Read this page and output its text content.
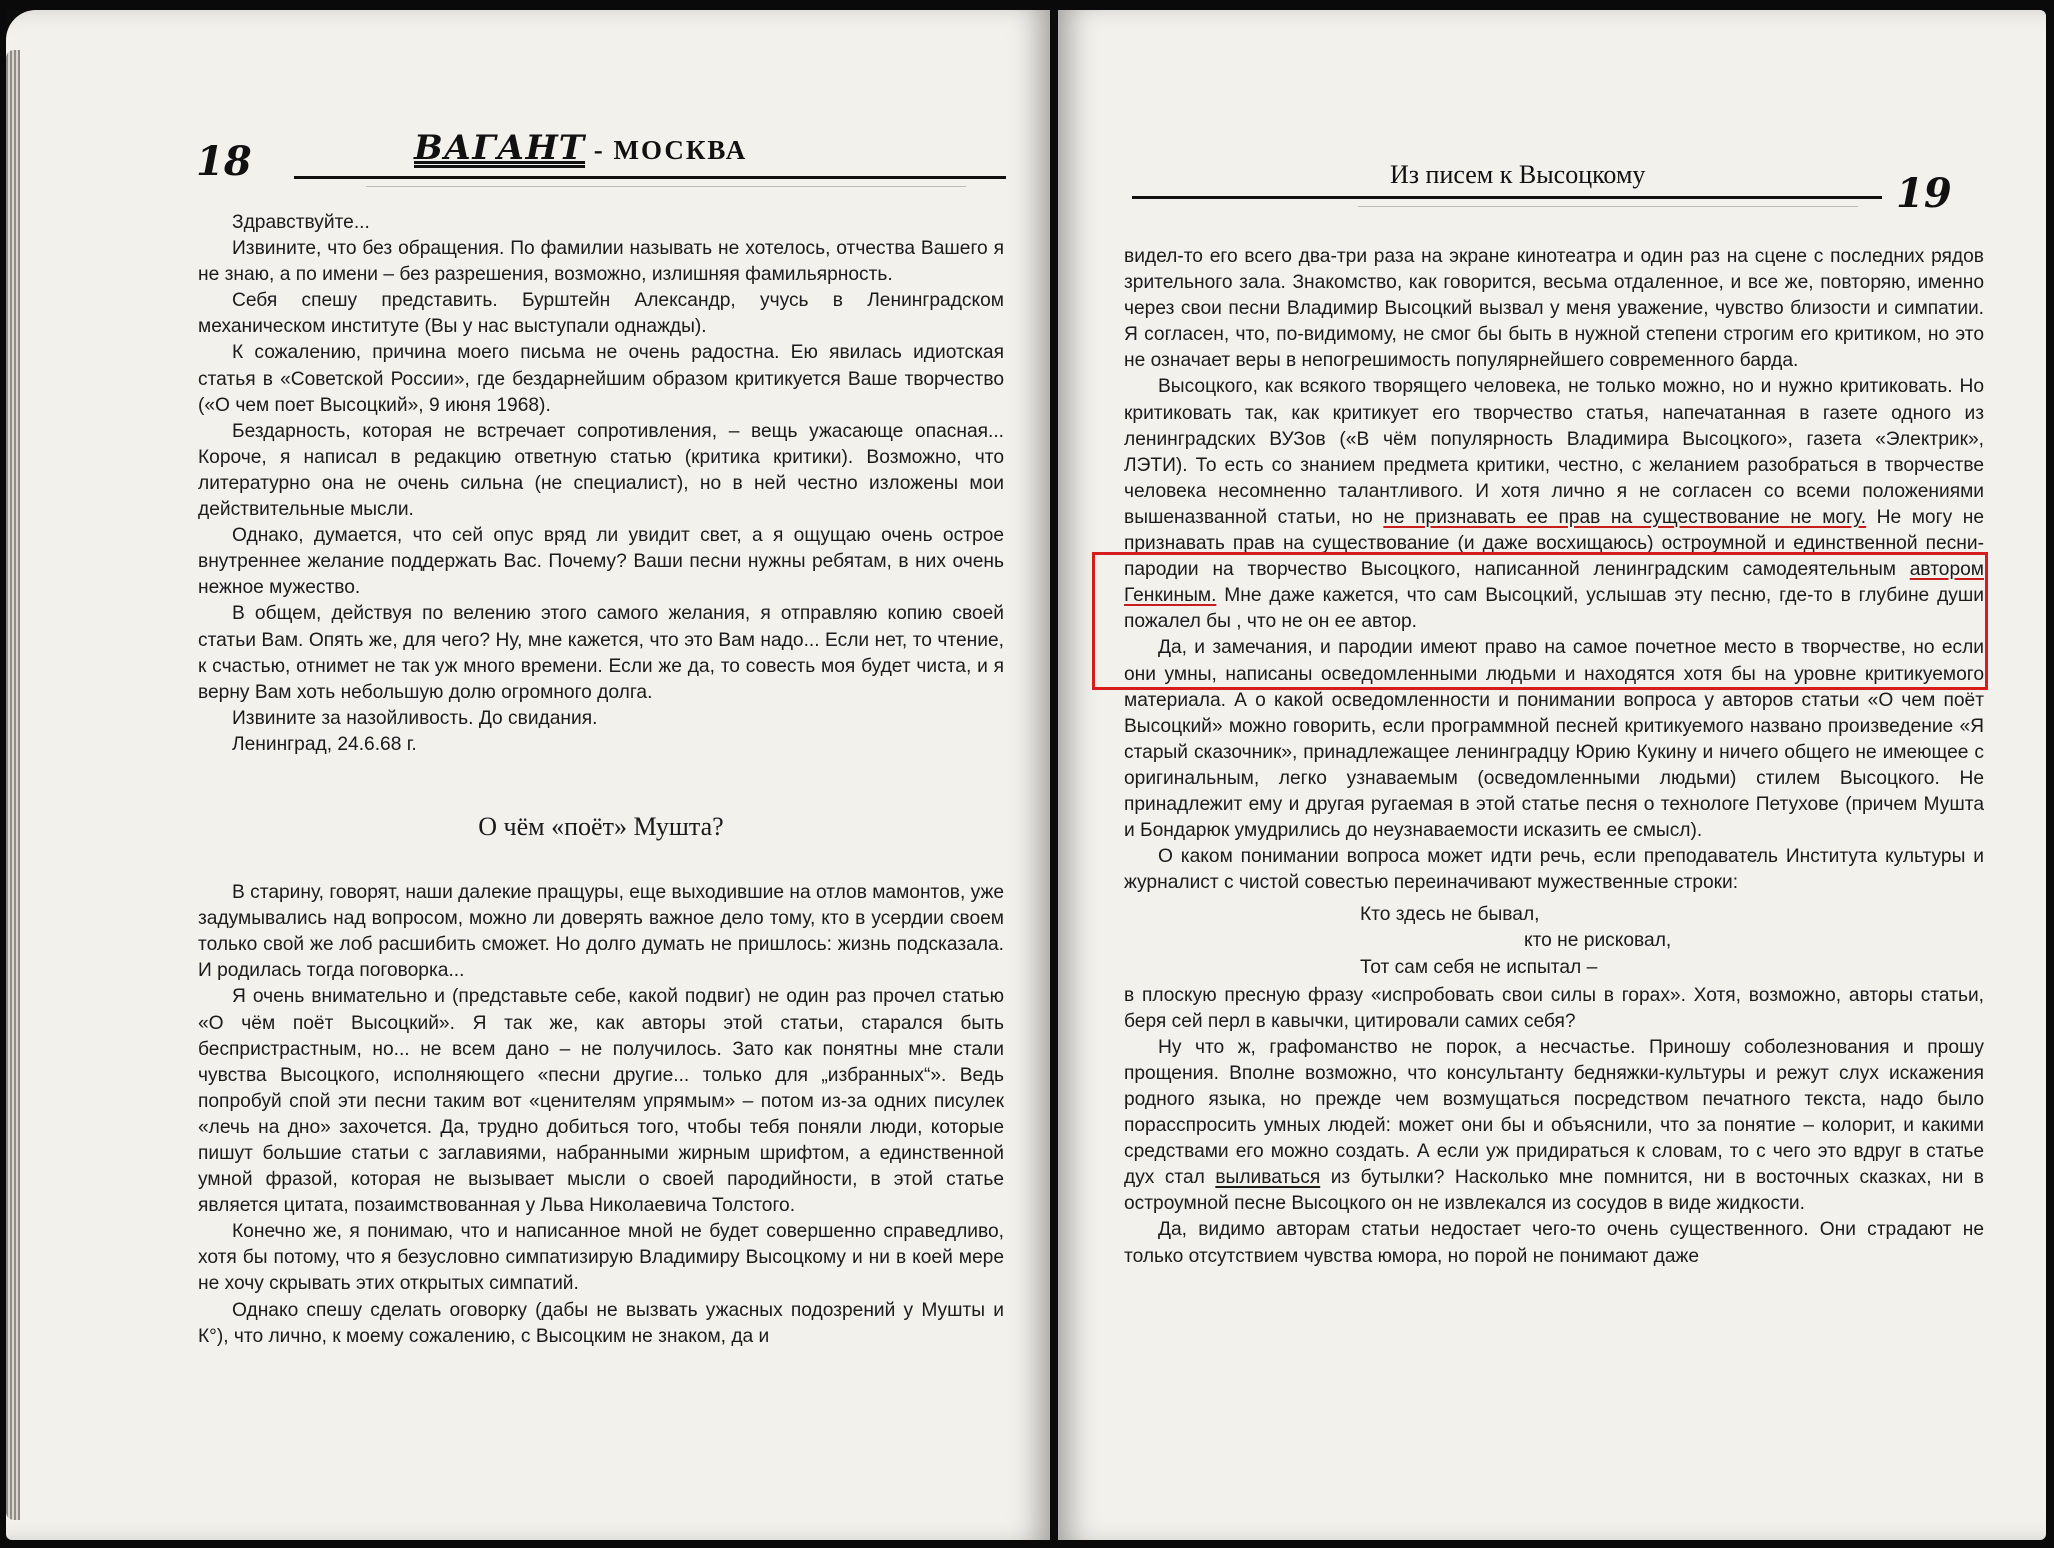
18	ВАГАНТ - МОСКВА

Здравствуйте...

Извините, что без обращения. По фамилии называть не хотелось, отчества Вашего я не знаю, а по имени – без разрешения, возможно, излишняя фамильярность.

Себя спешу представить. Бурштейн Александр, учусь в Ленинградском механическом институте (Вы у нас выступали однажды).

К сожалению, причина моего письма не очень радостна. Ею явилась идиотская статья в «Советской России», где бездарнейшим образом критикуется Ваше творчество («О чем поет Высоцкий», 9 июня 1968).

Бездарность, которая не встречает сопротивления, – вещь ужасающе опасная... Короче, я написал в редакцию ответную статью (критика критики). Возможно, что литературно она не очень сильна (не специалист), но в ней честно изложены мои действительные мысли.

Однако, думается, что сей опус вряд ли увидит свет, а я ощущаю очень острое внутреннее желание поддержать Вас. Почему? Ваши песни нужны ребятам, в них очень нежное мужество.

В общем, действуя по велению этого самого желания, я отправляю копию своей статьи Вам. Опять же, для чего? Ну, мне кажется, что это Вам надо... Если нет, то чтение, к счастью, отнимет не так уж много времени. Если же да, то совесть моя будет чиста, и я верну Вам хоть небольшую долю огромного долга.

Извините за назойливость. До свидания.

Ленинград, 24.6.68 г.

О чём «поёт» Мушта?

В старину, говорят, наши далекие пращуры, еще выходившие на отлов мамонтов, уже задумывались над вопросом, можно ли доверять важное дело тому, кто в усердии своем только свой же лоб расшибить сможет. Но долго думать не пришлось: жизнь подсказала. И родилась тогда поговорка...

Я очень внимательно и (представьте себе, какой подвиг) не один раз прочел статью «О чём поёт Высоцкий». Я так же, как авторы этой статьи, старался быть беспристрастным, но... не всем дано – не получилось. Зато как понятны мне стали чувства Высоцкого, исполняющего «песни другие... только для „избранных“». Ведь попробуй спой эти песни таким вот «ценителям упрямым» – потом из-за одних писулек «лечь на дно» захочется. Да, трудно добиться того, чтобы тебя поняли люди, которые пишут большие статьи с заглавиями, набранными жирным шрифтом, а единственной умной фразой, которая не вызывает мысли о своей пародийности, в этой статье является цитата, позаимствованная у Льва Николаевича Толстого.

Конечно же, я понимаю, что и написанное мной не будет совершенно справедливо, хотя бы потому, что я безусловно симпатизирую Владимиру Высоцкому и ни в коей мере не хочу скрывать этих открытых симпатий.

Однако спешу сделать оговорку (дабы не вызвать ужасных подозрений у Мушты и К°), что лично, к моему сожалению, с Высоцким не знаком, да и

Из писем к Высоцкому	19

видел-то его всего два-три раза на экране кинотеатра и один раз на сцене с последних рядов зрительного зала. Знакомство, как говорится, весьма отдаленное, и все же, повторяю, именно через свои песни Владимир Высоцкий вызвал у меня уважение, чувство близости и симпатии. Я согласен, что, по-видимому, не смог бы быть в нужной степени строгим его критиком, но это не означает веры в непогрешимость популярнейшего современного барда.

Высоцкого, как всякого творящего человека, не только можно, но и нужно критиковать. Но критиковать так, как критикует его творчество статья, напечатанная в газете одного из ленинградских ВУЗов («В чём популярность Владимира Высоцкого», газета «Электрик», ЛЭТИ). То есть со знанием предмета критики, честно, с желанием разобраться в творчестве человека несомненно талантливого. И хотя лично я не согласен со всеми положениями вышеназванной статьи, но не признавать ее прав на существование не могу. Не могу не признавать прав на существование (и даже восхищаюсь) остроумной и единственной песни-пародии на творчество Высоцкого, написанной ленинградским самодеятельным автором Генкиным. Мне даже кажется, что сам Высоцкий, услышав эту песню, где-то в глубине души пожалел бы , что не он ее автор.

Да, и замечания, и пародии имеют право на самое почетное место в творчестве, но если они умны, написаны осведомленными людьми и находятся хотя бы на уровне критикуемого материала. А о какой осведомленности и понимании вопроса у авторов статьи «О чем поёт Высоцкий» можно говорить, если программной песней критикуемого названо произведение «Я старый сказочник», принадлежащее ленинградцу Юрию Кукину и ничего общего не имеющее с оригинальным, легко узнаваемым (осведомленными людьми) стилем Высоцкого. Не принадлежит ему и другая ругаемая в этой статье песня о технологе Петухове (причем Мушта и Бондарюк умудрились до неузнаваемости исказить ее смысл).

О каком понимании вопроса может идти речь, если преподаватель Института культуры и журналист с чистой совестью переиначивают мужественные строки:

Кто здесь не бывал,
кто не рисковал,
Тот сам себя не испытал –

в плоскую пресную фразу «испробовать свои силы в горах». Хотя, возможно, авторы статьи, беря сей перл в кавычки, цитировали самих себя?

Ну что ж, графоманство не порок, а несчастье. Приношу соболезнования и прошу прощения. Вполне возможно, что консультанту бедняжки-культуры и режут слух искажения родного языка, но прежде чем возмущаться посредством печатного текста, надо было порасспросить умных людей: может они бы и объяснили, что за понятие – колорит, и какими средствами его можно создать. А если уж придираться к словам, то с чего это вдруг в статье дух стал выливаться из бутылки? Насколько мне помнится, ни в восточных сказках, ни в остроумной песне Высоцкого он не извлекался из сосудов в виде жидкости.

Да, видимо авторам статьи недостает чего-то очень существенного. Они страдают не только отсутствием чувства юмора, но порой не понимают даже
